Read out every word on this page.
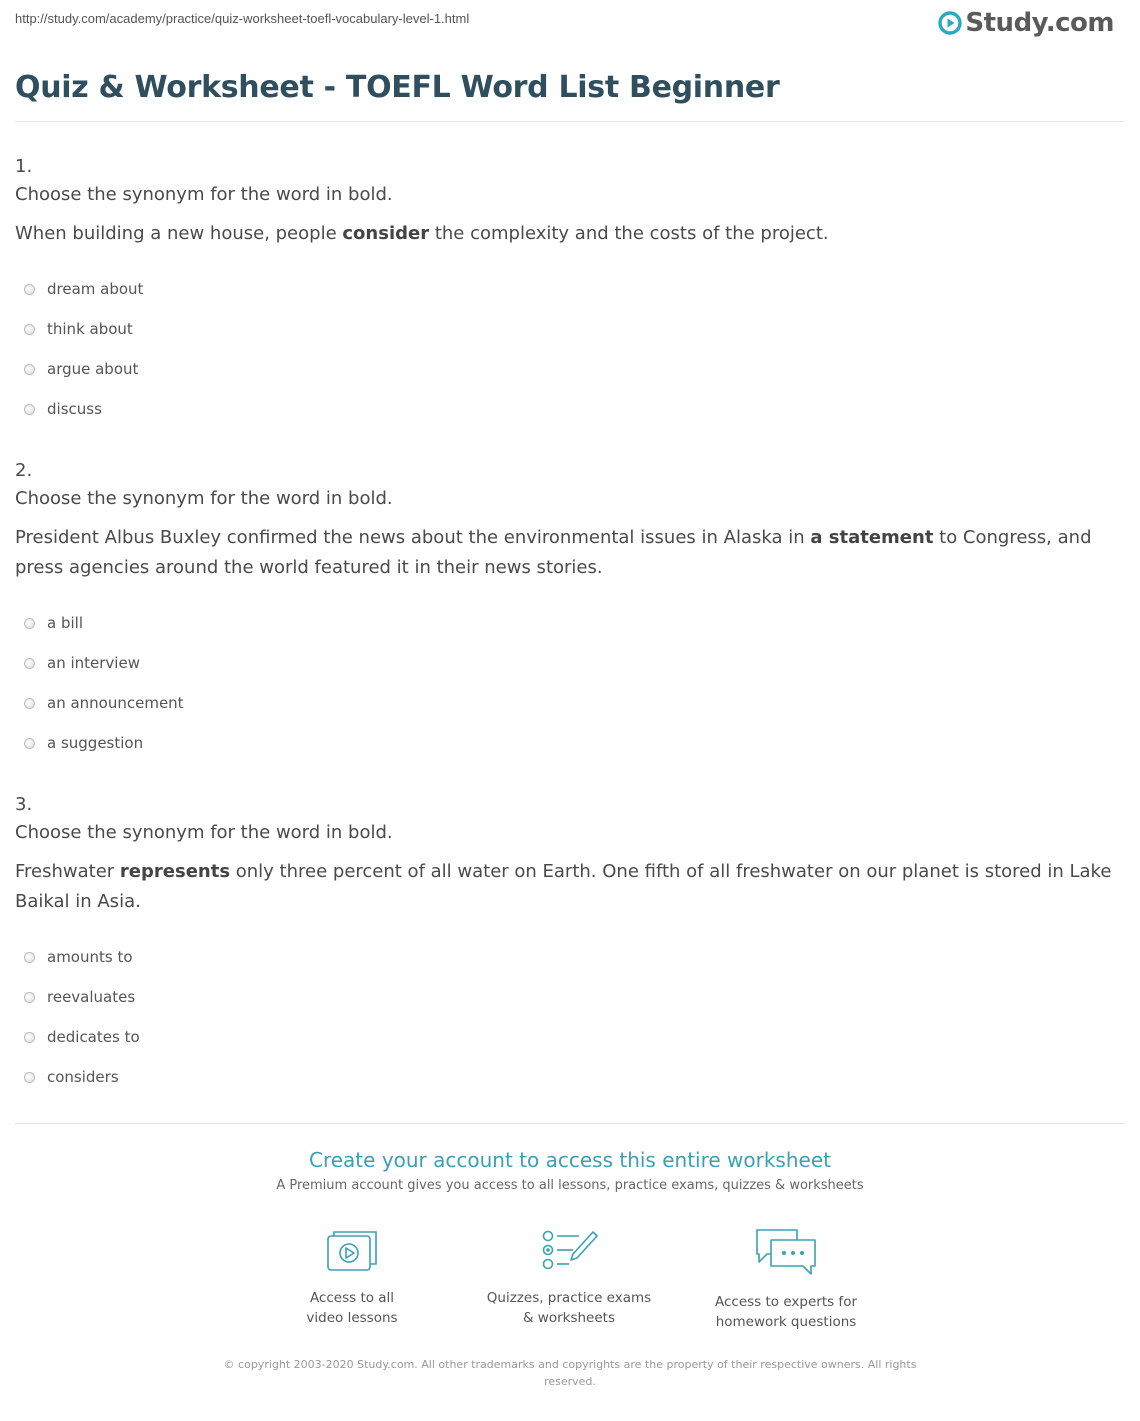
http://study.com/academy/practice/quiz-worksheet-toefl-vocabulary-level-1.html	Study.com
Quiz & Worksheet - TOEFL Word List Beginner
1.
Choose the synonym for the word in bold.
When building a new house, people consider the complexity and the costs of the project.
dream about
think about
argue about
discuss
2.
Choose the synonym for the word in bold.
President Albus Buxley confirmed the news about the environmental issues in Alaska in a statement to Congress, and press agencies around the world featured it in their news stories.
a bill
an interview
an announcement
a suggestion
3.
Choose the synonym for the word in bold.
Freshwater represents only three percent of all water on Earth. One fifth of all freshwater on our planet is stored in Lake Baikal in Asia.
amounts to
reevaluates
dedicates to
considers
Create your account to access this entire worksheet
A Premium account gives you access to all lessons, practice exams, quizzes & worksheets
Access to all
video lessons
Quizzes, practice exams
& worksheets
Access to experts for
homework questions
© copyright 2003-2020 Study.com. All other trademarks and copyrights are the property of their respective owners. All rights
reserved.
